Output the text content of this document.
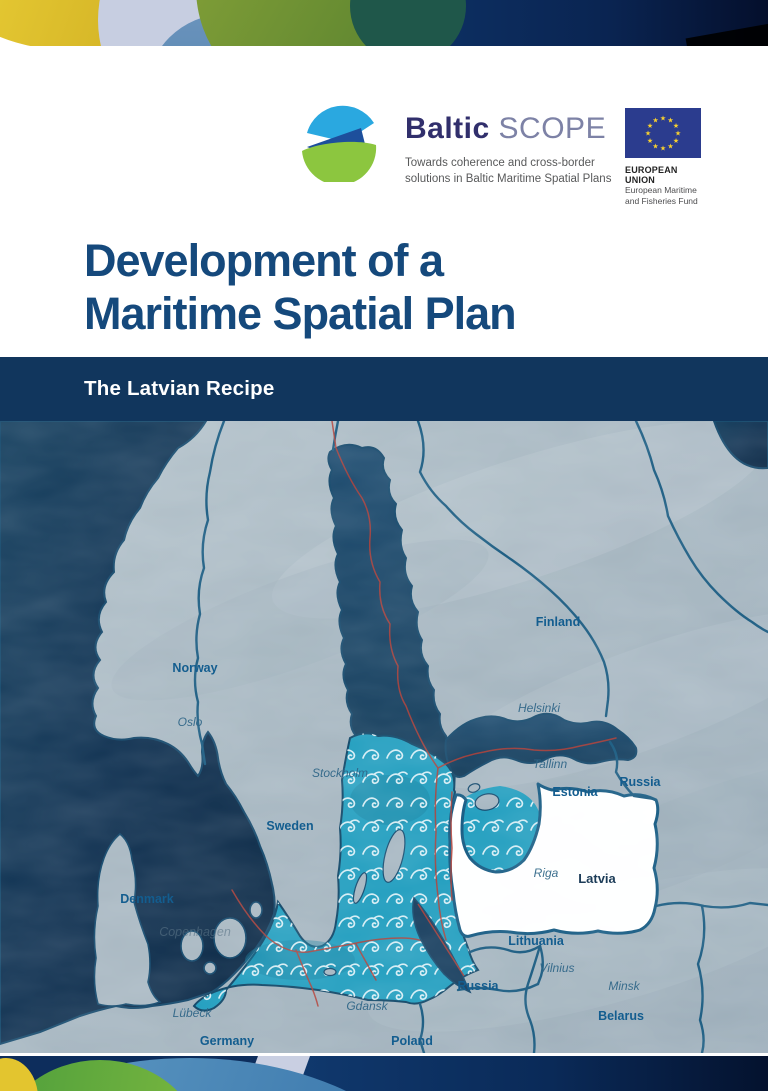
Baltic SCOPE
Towards coherence and cross-border
solutions in Baltic Maritime Spatial Plans
★ ★
★
★
★
★
★
★
★
★
★
★
EUROPEAN UNION
European Maritime
and Fisheries Fund
Development of a
Maritime Spatial Plan
The Latvian Recipe
Finland
Norway
Oslo
Helsinki
Stockholm
Tallinn
Estonia
Russia
Sweden
Riga Latvia
Denmark
Copenhagen
Lithuania
Vilnius
Russia	Minsk
Gdansk
Belarus
Lübeck
Germany	Poland
